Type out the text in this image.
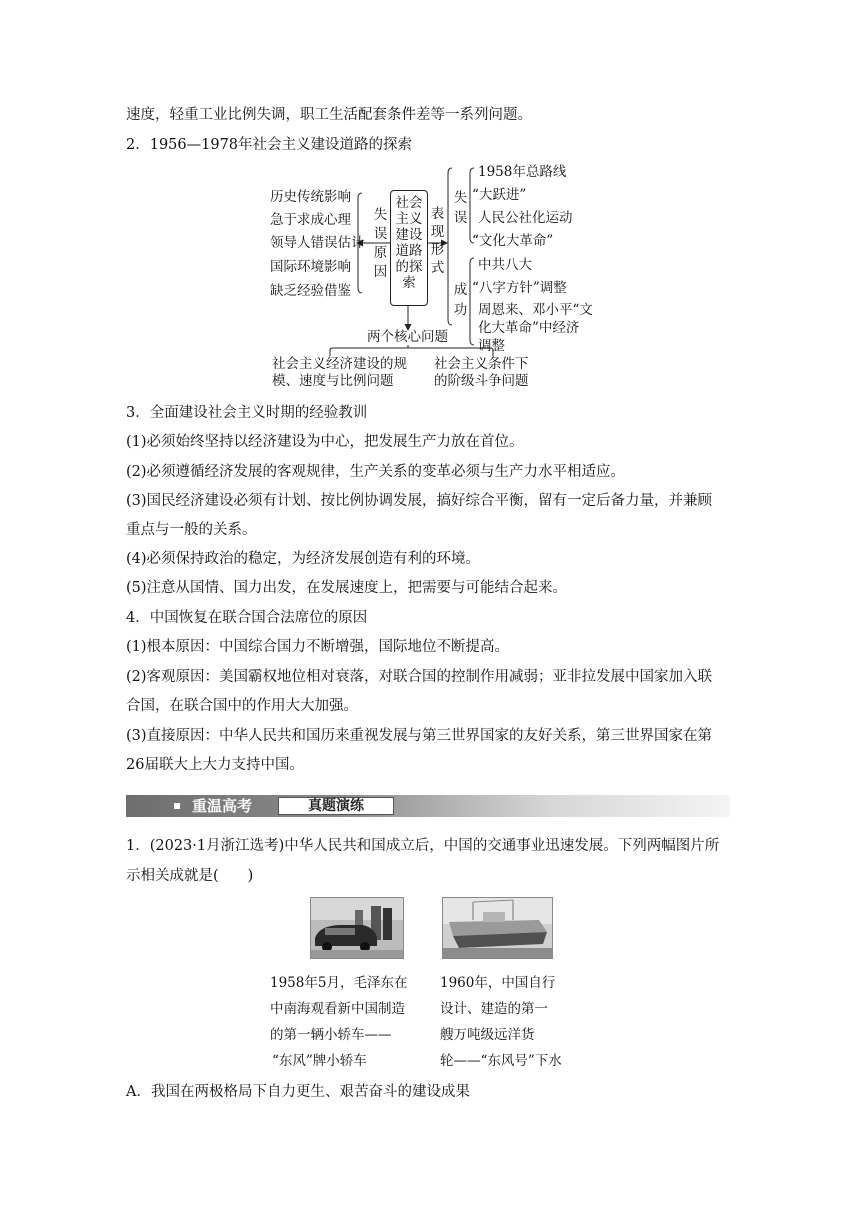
速度，轻重工业比例失调，职工生活配套条件差等一系列问题。
2．1956—1978年社会主义建设道路的探索
历史传统影响
急于求成心理
领导人错误估计
国际环境影响
缺乏经验借鉴
失误原因
社会主义建设道路的探索
表现形式
失误
成功
1958年总路线
“大跃进”
人民公社化运动
“文化大革命”
中共八大
“八字方针”调整
周恩来、邓小平“文
化大革命”中经济
调整
两个核心问题
社会主义经济建设的规
模、速度与比例问题
社会主义条件下
的阶级斗争问题
3．全面建设社会主义时期的经验教训
(1)必须始终坚持以经济建设为中心，把发展生产力放在首位。
(2)必须遵循经济发展的客观规律，生产关系的变革必须与生产力水平相适应。
(3)国民经济建设必须有计划、按比例协调发展，搞好综合平衡，留有一定后备力量，并兼顾
重点与一般的关系。
(4)必须保持政治的稳定，为经济发展创造有利的环境。
(5)注意从国情、国力出发，在发展速度上，把需要与可能结合起来。
4．中国恢复在联合国合法席位的原因
(1)根本原因：中国综合国力不断增强，国际地位不断提高。
(2)客观原因：美国霸权地位相对衰落，对联合国的控制作用减弱；亚非拉发展中国家加入联
合国，在联合国中的作用大大加强。
(3)直接原因：中华人民共和国历来重视发展与第三世界国家的友好关系，第三世界国家在第
26届联大上大力支持中国。
重温高考	真题演练
1．(2023·1月浙江选考)中华人民共和国成立后，中国的交通事业迅速发展。下列两幅图片所
示相关成就是(　　)
1958年5月，毛泽东在
中南海观看新中国制造
的第一辆小轿车——
“东风”牌小轿车
1960年，中国自行
设计、建造的第一
艘万吨级远洋货
轮——“东风号”下水
A．我国在两极格局下自力更生、艰苦奋斗的建设成果
